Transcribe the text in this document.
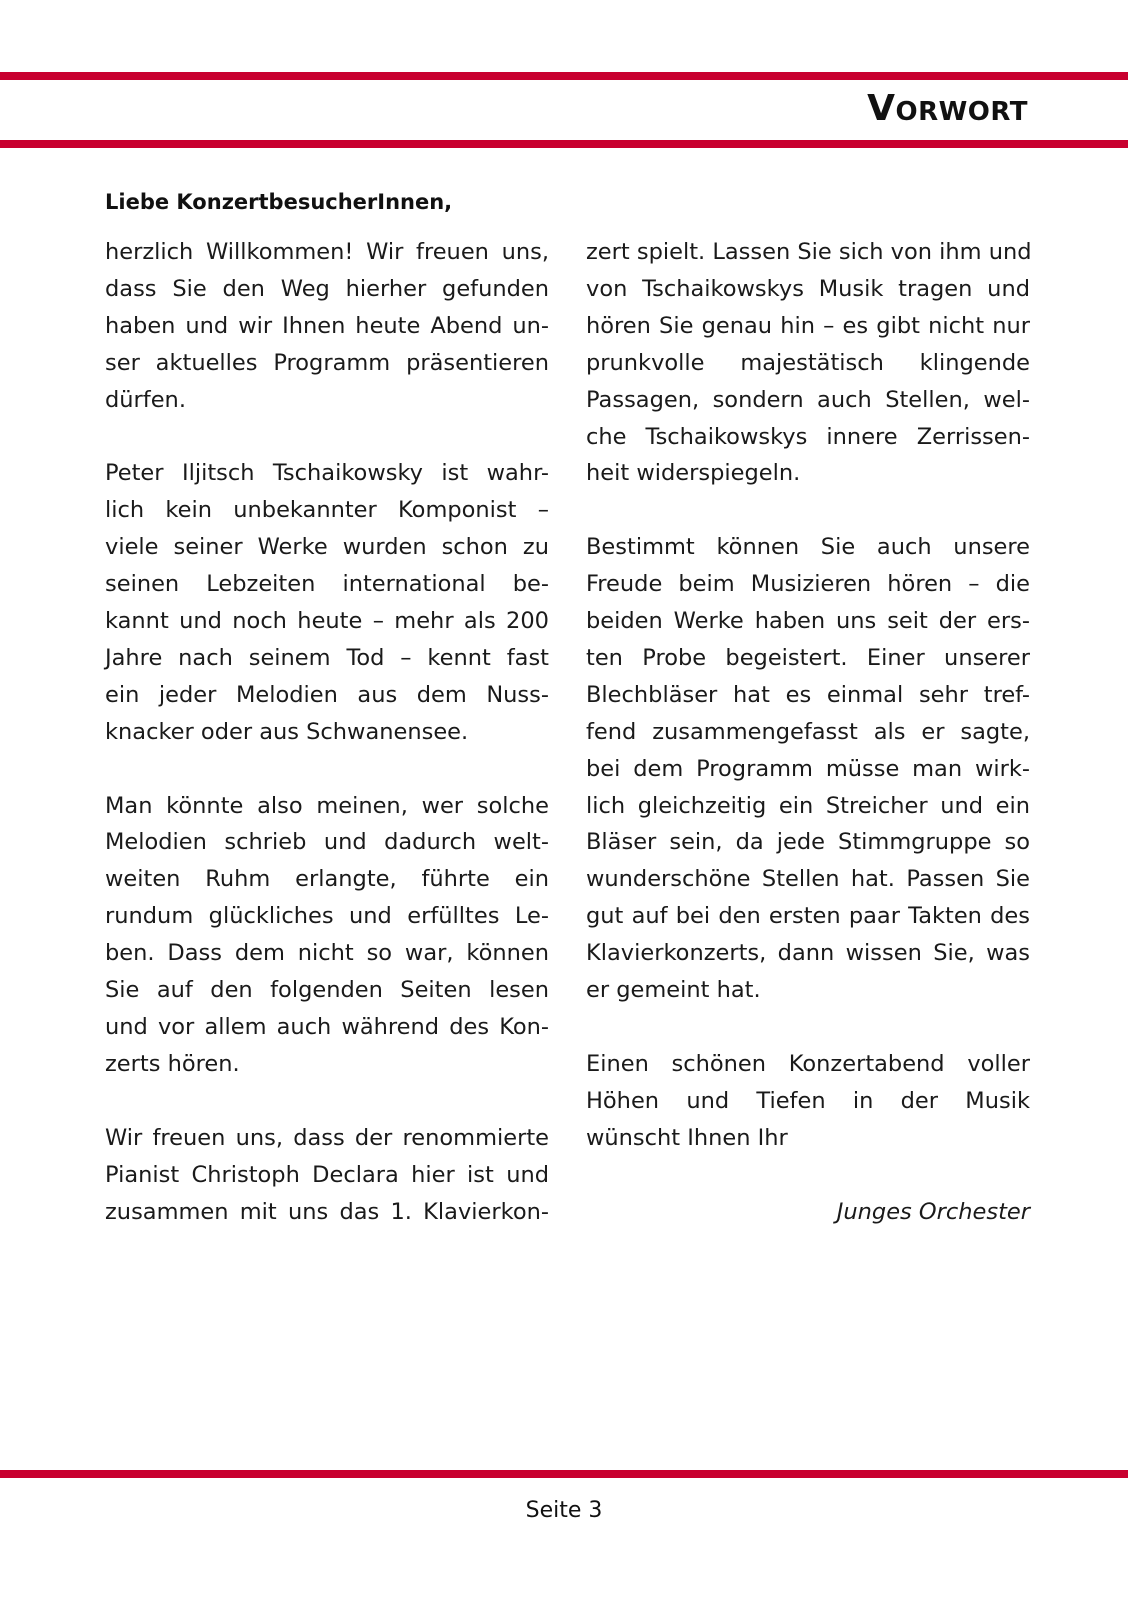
VORWORT
Liebe KonzertbesucherInnen,

herzlich Willkommen! Wir freuen uns,
dass Sie den Weg hierher gefunden
haben und wir Ihnen heute Abend un-
ser aktuelles Programm präsentieren
dürfen.

Peter Iljitsch Tschaikowsky ist wahr-
lich kein unbekannter Komponist –
viele seiner Werke wurden schon zu
seinen Lebzeiten international be-
kannt und noch heute – mehr als 200
Jahre nach seinem Tod – kennt fast
ein jeder Melodien aus dem Nuss-
knacker oder aus Schwanensee.

Man könnte also meinen, wer solche
Melodien schrieb und dadurch welt-
weiten Ruhm erlangte, führte ein
rundum glückliches und erfülltes Le-
ben. Dass dem nicht so war, können
Sie auf den folgenden Seiten lesen
und vor allem auch während des Kon-
zerts hören.

Wir freuen uns, dass der renommierte
Pianist Christoph Declara hier ist und
zusammen mit uns das 1. Klavierkon-

zert spielt. Lassen Sie sich von ihm und
von Tschaikowskys Musik tragen und
hören Sie genau hin – es gibt nicht nur
prunkvolle majestätisch klingende
Passagen, sondern auch Stellen, wel-
che Tschaikowskys innere Zerrissen-
heit widerspiegeln.

Bestimmt können Sie auch unsere
Freude beim Musizieren hören – die
beiden Werke haben uns seit der ers-
ten Probe begeistert. Einer unserer
Blechbläser hat es einmal sehr tref-
fend zusammengefasst als er sagte,
bei dem Programm müsse man wirk-
lich gleichzeitig ein Streicher und ein
Bläser sein, da jede Stimmgruppe so
wunderschöne Stellen hat. Passen Sie
gut auf bei den ersten paar Takten des
Klavierkonzerts, dann wissen Sie, was
er gemeint hat.

Einen schönen Konzertabend voller
Höhen und Tiefen in der Musik
wünscht Ihnen Ihr

Junges Orchester
Seite 3
